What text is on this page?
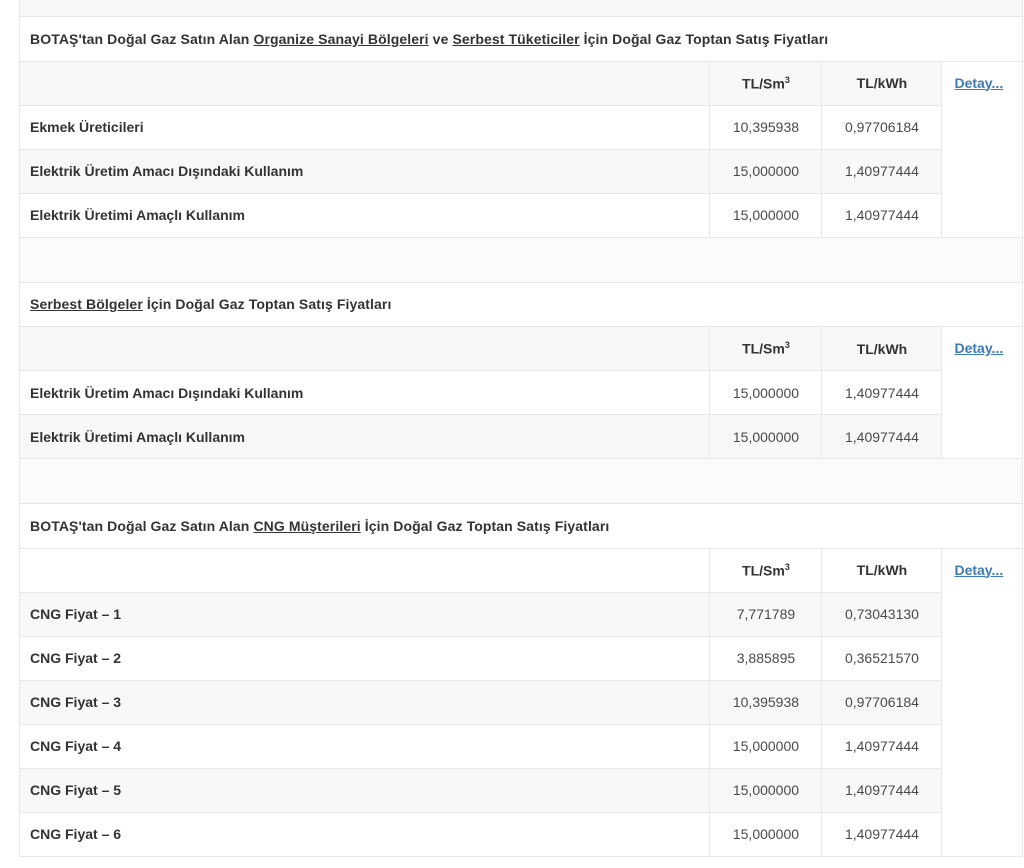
BOTAŞ'tan Doğal Gaz Satın Alan Organize Sanayi Bölgeleri ve Serbest Tüketiciler İçin Doğal Gaz Toptan Satış Fiyatları			
	TL/Sm$^3$	TL/kWh	Detay...
Ekmek Üreticileri	10,395938	0,97706184	
Elektrik Üretim Amacı Dışındaki Kullanım	15,000000	1,40977444	
Elektrik Üretimi Amaçlı Kullanım	15,000000	1,40977444	
Serbest Bölgeler İçin Doğal Gaz Toptan Satış Fiyatları			
	TL/Sm$^3$	TL/kWh	Detay...
Elektrik Üretim Amacı Dışındaki Kullanım	15,000000	1,40977444	
Elektrik Üretimi Amaçlı Kullanım	15,000000	1,40977444	
BOTAŞ'tan Doğal Gaz Satın Alan CNG Müşterileri İçin Doğal Gaz Toptan Satış Fiyatları			
	TL/Sm$^3$	TL/kWh	Detay...
CNG Fiyat – 1	7,771789	0,73043130	
CNG Fiyat – 2	3,885895	0,36521570	
CNG Fiyat – 3	10,395938	0,97706184	
CNG Fiyat – 4	15,000000	1,40977444	
CNG Fiyat – 5	15,000000	1,40977444	
CNG Fiyat – 6	15,000000	1,40977444	
